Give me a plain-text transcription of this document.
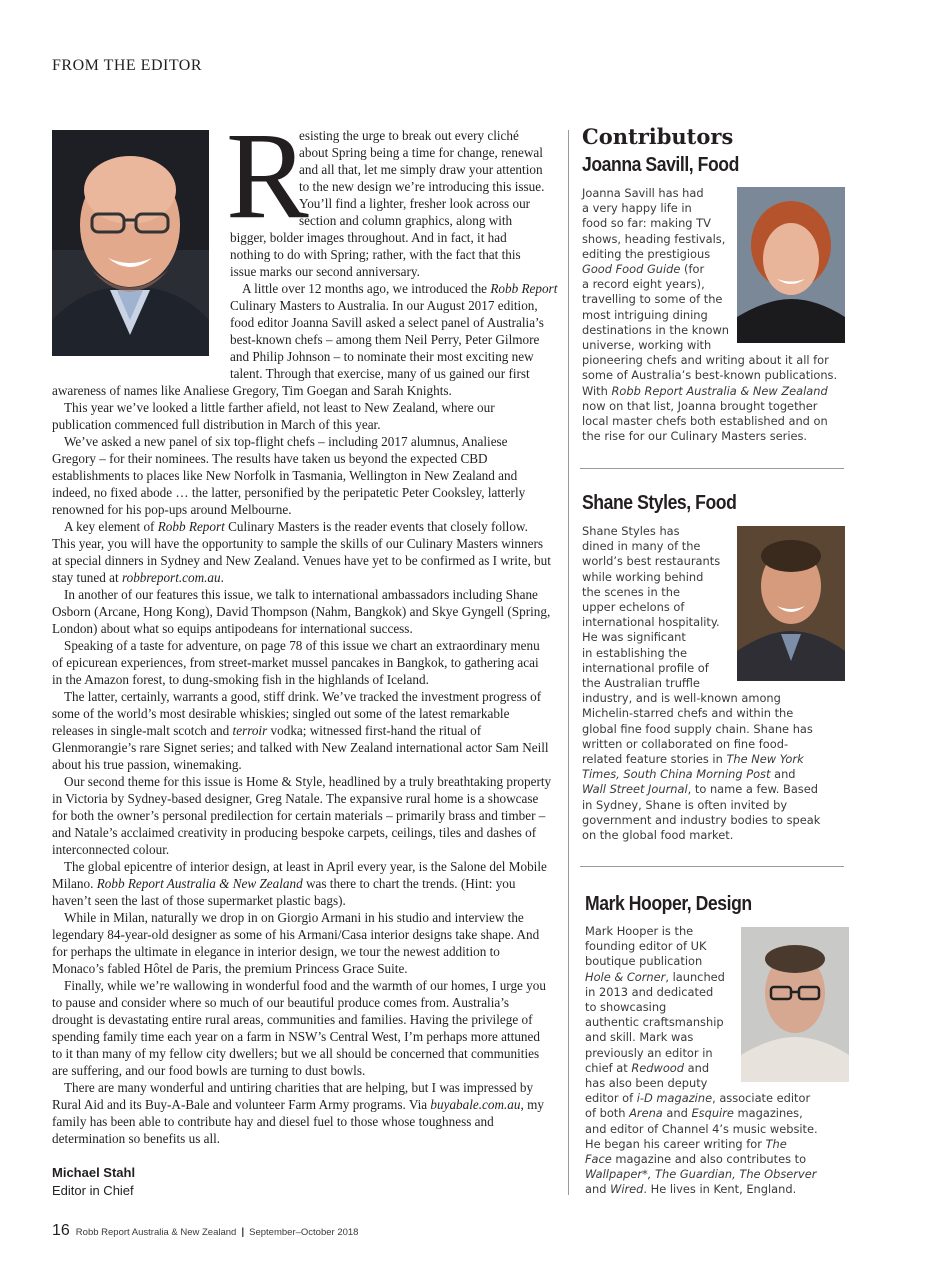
FROM THE EDITOR
R
esisting the urge to break out every cliché
about Spring being a time for change, renewal
and all that, let me simply draw your attention
to the new design we’re introducing this issue.
You’ll find a lighter, fresher look across our
section and column graphics, along with
bigger, bolder images throughout. And in fact, it had
nothing to do with Spring; rather, with the fact that this
issue marks our second anniversary.
A little over 12 months ago, we introduced the Robb Report
Culinary Masters to Australia. In our August 2017 edition,
food editor Joanna Savill asked a select panel of Australia’s
best-known chefs – among them Neil Perry, Peter Gilmore
and Philip Johnson – to nominate their most exciting new
talent. Through that exercise, many of us gained our first
awareness of names like Analiese Gregory, Tim Goegan and Sarah Knights.

This year we’ve looked a little farther afield, not least to New Zealand, where our publication commenced full distribution in March of this year.

We’ve asked a new panel of six top-flight chefs – including 2017 alumnus, Analiese Gregory – for their nominees. The results have taken us beyond the expected CBD establishments to places like New Norfolk in Tasmania, Wellington in New Zealand and indeed, no fixed abode … the latter, personified by the peripatetic Peter Cooksley, latterly renowned for his pop-ups around Melbourne.

A key element of Robb Report Culinary Masters is the reader events that closely follow. This year, you will have the opportunity to sample the skills of our Culinary Masters winners at special dinners in Sydney and New Zealand. Venues have yet to be confirmed as I write, but stay tuned at robbreport.com.au.

In another of our features this issue, we talk to international ambassadors including Shane Osborn (Arcane, Hong Kong), David Thompson (Nahm, Bangkok) and Skye Gyngell (Spring, London) about what so equips antipodeans for international success.

Speaking of a taste for adventure, on page 78 of this issue we chart an extraordinary menu of epicurean experiences, from street-market mussel pancakes in Bangkok, to gathering acai in the Amazon forest, to dung-smoking fish in the highlands of Iceland.

The latter, certainly, warrants a good, stiff drink. We’ve tracked the investment progress of some of the world’s most desirable whiskies; singled out some of the latest remarkable releases in single-malt scotch and terroir vodka; witnessed first-hand the ritual of Glenmorangie’s rare Signet series; and talked with New Zealand international actor Sam Neill about his true passion, winemaking.

Our second theme for this issue is Home & Style, headlined by a truly breathtaking property in Victoria by Sydney-based designer, Greg Natale. The expansive rural home is a showcase for both the owner’s personal predilection for certain materials – primarily brass and timber – and Natale’s acclaimed creativity in producing bespoke carpets, ceilings, tiles and dashes of interconnected colour.

The global epicentre of interior design, at least in April every year, is the Salone del Mobile Milano. Robb Report Australia & New Zealand was there to chart the trends. (Hint: you haven’t seen the last of those supermarket plastic bags).

While in Milan, naturally we drop in on Giorgio Armani in his studio and interview the legendary 84-year-old designer as some of his Armani/Casa interior designs take shape. And for perhaps the ultimate in elegance in interior design, we tour the newest addition to Monaco’s fabled Hôtel de Paris, the premium Princess Grace Suite.

Finally, while we’re wallowing in wonderful food and the warmth of our homes, I urge you to pause and consider where so much of our beautiful produce comes from. Australia’s drought is devastating entire rural areas, communities and families. Having the privilege of spending family time each year on a farm in NSW’s Central West, I’m perhaps more attuned to it than many of my fellow city dwellers; but we all should be concerned that communities are suffering, and our food bowls are turning to dust bowls.

There are many wonderful and untiring charities that are helping, but I was impressed by Rural Aid and its Buy-A-Bale and volunteer Farm Army programs. Via buyabale.com.au, my family has been able to contribute hay and diesel fuel to those whose toughness and determination so benefits us all.

Michael Stahl
Editor in Chief
Contributors
Joanna Savill, Food
Joanna Savill has had
a very happy life in
food so far: making TV
shows, heading festivals,
editing the prestigious
Good Food Guide (for
a record eight years),
travelling to some of the
most intriguing dining
destinations in the known
universe, working with
pioneering chefs and writing about it all for
some of Australia’s best-known publications.
With Robb Report Australia & New Zealand
now on that list, Joanna brought together
local master chefs both established and on
the rise for our Culinary Masters series.
Shane Styles, Food
Shane Styles has
dined in many of the
world’s best restaurants
while working behind
the scenes in the
upper echelons of
international hospitality.
He was significant
in establishing the
international profile of
the Australian truffle
industry, and is well-known among
Michelin-starred chefs and within the
global fine food supply chain. Shane has
written or collaborated on fine food-
related feature stories in The New York
Times, South China Morning Post and
Wall Street Journal, to name a few. Based
in Sydney, Shane is often invited by
government and industry bodies to speak
on the global food market.
Mark Hooper, Design
Mark Hooper is the
founding editor of UK
boutique publication
Hole & Corner, launched
in 2013 and dedicated
to showcasing
authentic craftsmanship
and skill. Mark was
previously an editor in
chief at Redwood and
has also been deputy
editor of i-D magazine, associate editor
of both Arena and Esquire magazines,
and editor of Channel 4’s music website.
He began his career writing for The
Face magazine and also contributes to
Wallpaper*, The Guardian, The Observer
and Wired. He lives in Kent, England.
16 Robb Report Australia & New Zealand | September–October 2018
